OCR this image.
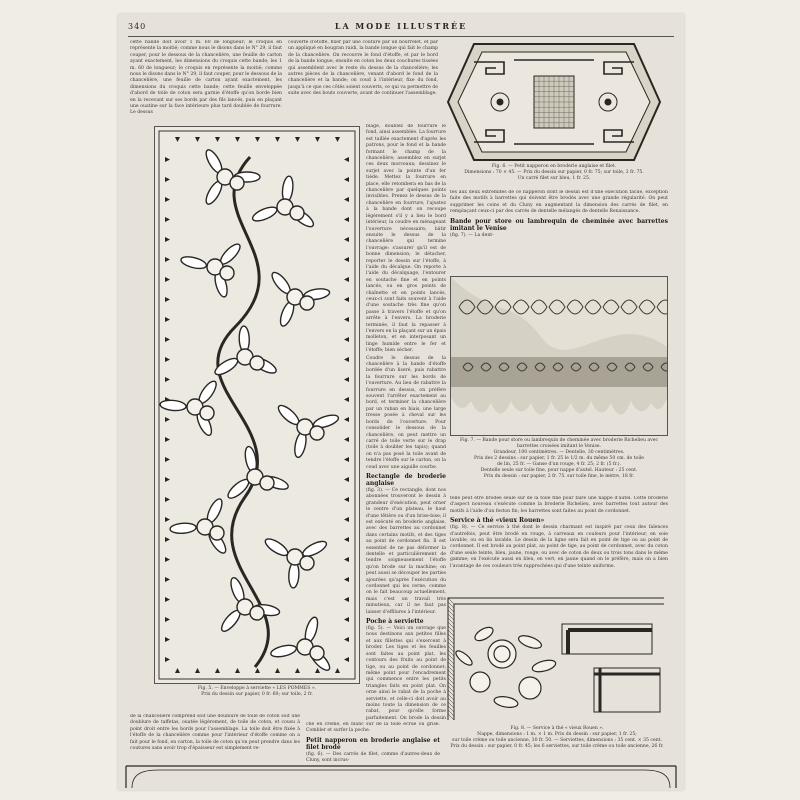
340	LA MODE ILLUSTRÉE

cette bande doit avoir 1 m. 60 de longueur; le croquis en représente la moitié; comme nous le disons dans le N° 29, il faut couper, pour le dessous de la chancelière, une feuille de carton ayant exactement, les dimensions du croquis cette bande; les 1 m. 60 de longueur; le croquis en représente la moitié; comme nous le disons dans le N° 29, il faut couper, pour le dessous de la chancelière, une feuille de carton ayant exactement, les dimensions du croquis cette bande; cette feuille enveloppée d'abord de toile de coton sera garnie d'étoffe qu'on borde bien en la recevant sur ses bords par des fils lancés, puis en plaçant une ouatine sur la face intérieure plus tard doublée de fourrure. Le dessus

couverte d'étoffe, fixer par une couture par un bourrelet, et par un appliqué en bougran raidi, la bande longue qui fait le champ de la chancelière. On recouvre le fond d'étoffe, et par le bord de la bande longue, ensuite en coton les deux couchures tissées qui assemblent avec le reste du dessus de la chancelière; les autres pièces de la chancelière, venant d'abord le fond de la chancelière et la bande; on coud à l'intérieur, fixe du fond, jusqu'à ce que ces côtés soient couverts, ce qui va permettre de suite avec des bouts couverte, avant de continuer l'assemblage.

Fig. 5. — Enveloppe à serviette « LES POMMES ».
Prix du dessin sur papier, 0 fr. 60; sur toile, 2 fr.

blage, doublez de fourrure le fond, ainsi assemblée. La fourrure est taillée exactement d'après les patrons, pour le fond et la bande formant le champ de la chancelière; assemblez en surjet ces deux morceaux; dessinez le surjet avec la pointe d'un fer tiède. Mettez la fourrure en place, elle retombera en bas de la chancelière par quelques points invisibles. Prenez le dessus de la chancelière en fourrure, l'ajustez à la bande dont on recoupe légèrement s'il y a lieu le bord intérieur, la coudre en ménageant l'ouverture nécessaire; bâtir ensuite le dessus de la chancelière qui termine l'ouvrage: s'assurer qu'il est de bonne dimension; le détacher, reporter le dessin sur l'étoffe, à l'aide du décalque. On reporte à l'aide du décalquage, l'entourer en soutache fine et en points lancés, ou en gros points de chaînette et en points lancés, ceux-ci sont faits souvent à l'aide d'une soutache très fine qu'on passe à travers l'étoffe et qu'on arrête à l'envers. La broderie terminée, il faut la repasser à l'envers en la plaçant sur un épais molleton, et en interposant un linge humide entre le fer et l'étoffe; bien sécher.

Coudre le dessus de la chancelière à la bande d'étoffe bordée d'un liseré, puis rabattre la fourrure sur les bords de l'ouverture. Au lieu de rabattre la fourrure en dessus, on préfère souvent l'arrêter exactement au bord, et terminer la chancelière par un ruban en biais, une large tresse posée à cheval sur les bords de l'ouverture. Pour consolider le dessous de la chancelière, on peut mettre un carré de toile verte sur le drap (toile à doubler les tapis); quand on n'a pas posé la toile avant de tendre l'étoffe sur le carton, on la coud avec une aiguille courbe.

Rectangle de broderie anglaise

(fig. 3). — Ce rectangle, dont nos abonnées trouveront le dessin à grandeur d'exécution, peut orner le centre d'un plateau, le haut d'une têtière ou d'un brise-bise; il est exécuté en broderie anglaise, avec des barrettes au cordonnet dans certains motifs, et des tiges au point de cordonnet fin. Il est essentiel de ne pas déformer la dentelle et particulièrement de tendre soigneusement l'étoffe qu'on brode sur la machine; on peut aussi se découper les parties ajourées qu'après l'exécution du cordonnet qui les cerne, comme on le fait beaucoup actuellement, mais c'est un travail très minutieux, car il ne faut pas laisser d'effilures à l'intérieur.

Poche à serviette

(fig. 5). — Voici un ouvrage que nous destinons aux petites filles et aux fillettes qui s'exercent à broder. Les tiges et les feuilles sont faites au point plat, les contours des fruits au point de tige, ou au point de cordonnet; même point pour l'encadrement qui commence entre les petits triangles faits en point plat. On orne ainsi le rabat de la poche à serviette, et celle-ci doit avoir au moins toute la dimension de ce rabat, pour qu'elle forme parfaitement. On brode la dessin

Fig. 6. — Petit napperon en broderie anglaise et filet.
Dimensions : 70 × 45. — Prix du dessin sur papier, 0 fr. 75; sur toile, 2 fr. 75.
Un carré filet sur bleu, 1 fr. 25.

tes aux deux extrémités de ce napperon dont le dessin est d'une exécution facile, exception faite des motifs à barrettes qui doivent être brodés avec une grande régularité. On peut supprimer les coins et du Cluny en augmentant la dimension des carrés de filet, en remplaçant ceux-ci par des carrés de dentelle mélangés de dentelle Renaissance.

Bande pour store ou lambrequin de cheminée avec barrettes imitant le Venise

(fig. 7). — La dent-

Fig. 7. — Bande pour store ou lambrequin de cheminée avec broderie Richelieu avec barrettes croisées imitant le Venise.
Grandeur, 100 centimètres. — Dentelle, 30 centimètres.
Prix des 2 dessins : sur papier, 1 fr. 25 le 1/2 m. du même 50 cm. de toile
de lin, 25 fr. — Ganse d'un rouge, 4 fr. 25; 2 fr. (5 fr.).
Dentelle seule sur toile fine, pour nappe d'autel. Hauteur : 25 cent.
Prix du dessin : sur papier, 2 fr. 75. sur toile fine, le mètre, 18 fr.

telle peut être brodée seule sur de la toile fine pour faire une nappe d'autel. Cette broderie d'aspect nouveau s'exécute comme la broderie Richelieu, avec barrettes tout autour des motifs à l'aide d'un feston fin; les barrettes sont faites au point de cordonnet.

Service à thé «vieux Rouen»

(fig. 8). — Ce service à thé dont le dessin charmant est inspiré par ceux des faïences d'autrefois, peut être brodé en rouge, à carreaux en couleurs pour l'intérieur, en soie lavable, ou en lin lavable. Le dessin de la ligne sera fait en point de tige ou au point de cordonnet. Il est brodé au point plat, au point de tige, au point de cordonnet, avec du coton d'une seule teinte, bleu, jaune, rouge, ou avec de coton de deux ou trois tons dans le même gamme; on l'exécute aussi en bleu, en vert, en jaune quand on le préfère, mais on a bien l'avantage de ces couleurs très rapprochées qui d'une teinte uniforme.

Fig. 8. — Service à thé « vieux Rouen ».
Nappe, dimensions : 1 m. × 1 m. Prix du dessin : sur papier, 1 fr. 25;
sur toile crème ou toile ancienne, 30 fr. 50. — Serviettes, dimensions : 35 cent. × 35 cent.
Prix du dessin : sur papier, 0 fr. 45; les 6 serviettes, sur toile crème ou toile ancienne, 26 fr.

de la chancelière comprend soit une doublure de toile de coton soit une doublure de taffetas, ouatée légèrement, de toile de coton, et cousu à point droit entre les bords pour l'assemblage. La toile doit être fixée à l'étoffe de la chancelière comme pour l'intérieur d'étoffe comme on a fait pour le fond, en carton, la toile de coton qu'on peut prendre dans les coutures sans avoir trop d'épaisseur est simplement re-

che en crème, en blanc sur de la toile écrue ou grise. Combler et surfer la poche.

Petit napperon en broderie anglaise et filet brodé

(fig. 6). — Des carrés de filet, comme d'autres-deux de Cluny, sont incrus-
